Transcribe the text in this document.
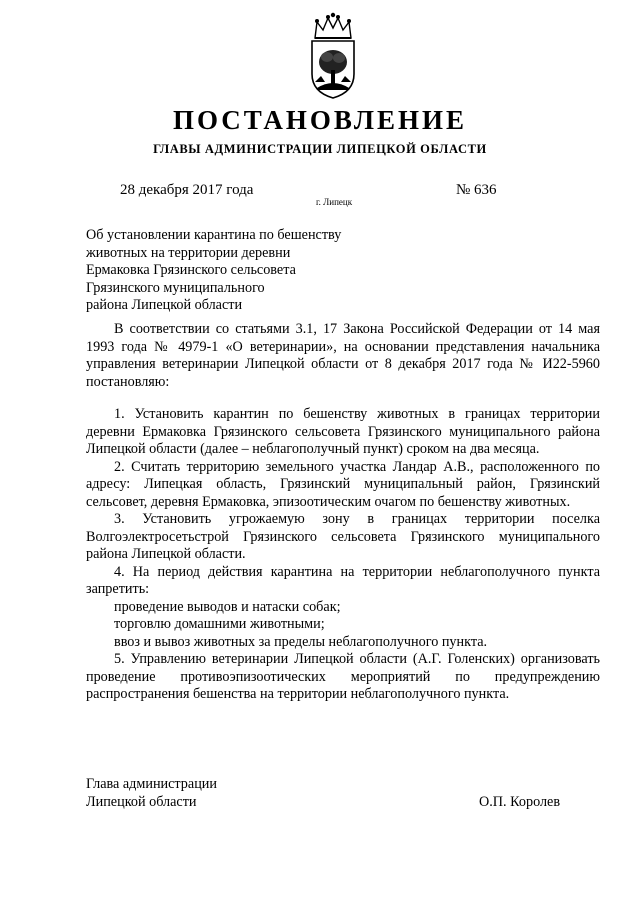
ПОСТАНОВЛЕНИЕ
ГЛАВЫ АДМИНИСТРАЦИИ ЛИПЕЦКОЙ ОБЛАСТИ
28 декабря 2017 года
г. Липецк
№ 636
Об установлении карантина по бешенству
животных на территории деревни
Ермаковка Грязинского сельсовета
Грязинского муниципального
района Липецкой области

В соответствии со статьями 3.1, 17 Закона Российской Федерации от 14 мая 1993 года № 4979-1 «О ветеринарии», на основании представления начальника управления ветеринарии Липецкой области от 8 декабря 2017 года № И22-5960 постановляю:

1. Установить карантин по бешенству животных в границах территории деревни Ермаковка Грязинского сельсовета Грязинского муниципального района Липецкой области (далее – неблагополучный пункт) сроком на два месяца.

2. Считать территорию земельного участка Ландар А.В., расположенного по адресу: Липецкая область, Грязинский муниципальный район, Грязинский сельсовет, деревня Ермаковка, эпизоотическим очагом по бешенству животных.

3. Установить угрожаемую зону в границах территории поселка Волгоэлектросетьстрой Грязинского сельсовета Грязинского муниципального района Липецкой области.

4. На период действия карантина на территории неблагополучного пункта запретить:

проведение выводов и натаски собак;

торговлю домашними животными;

ввоз и вывоз животных за пределы неблагополучного пункта.

5. Управлению ветеринарии Липецкой области (А.Г. Голенских) организовать проведение противоэпизоотических мероприятий по предупреждению распространения бешенства на территории неблагополучного пункта.

Глава администрации
Липецкой области	О.П. Королев
